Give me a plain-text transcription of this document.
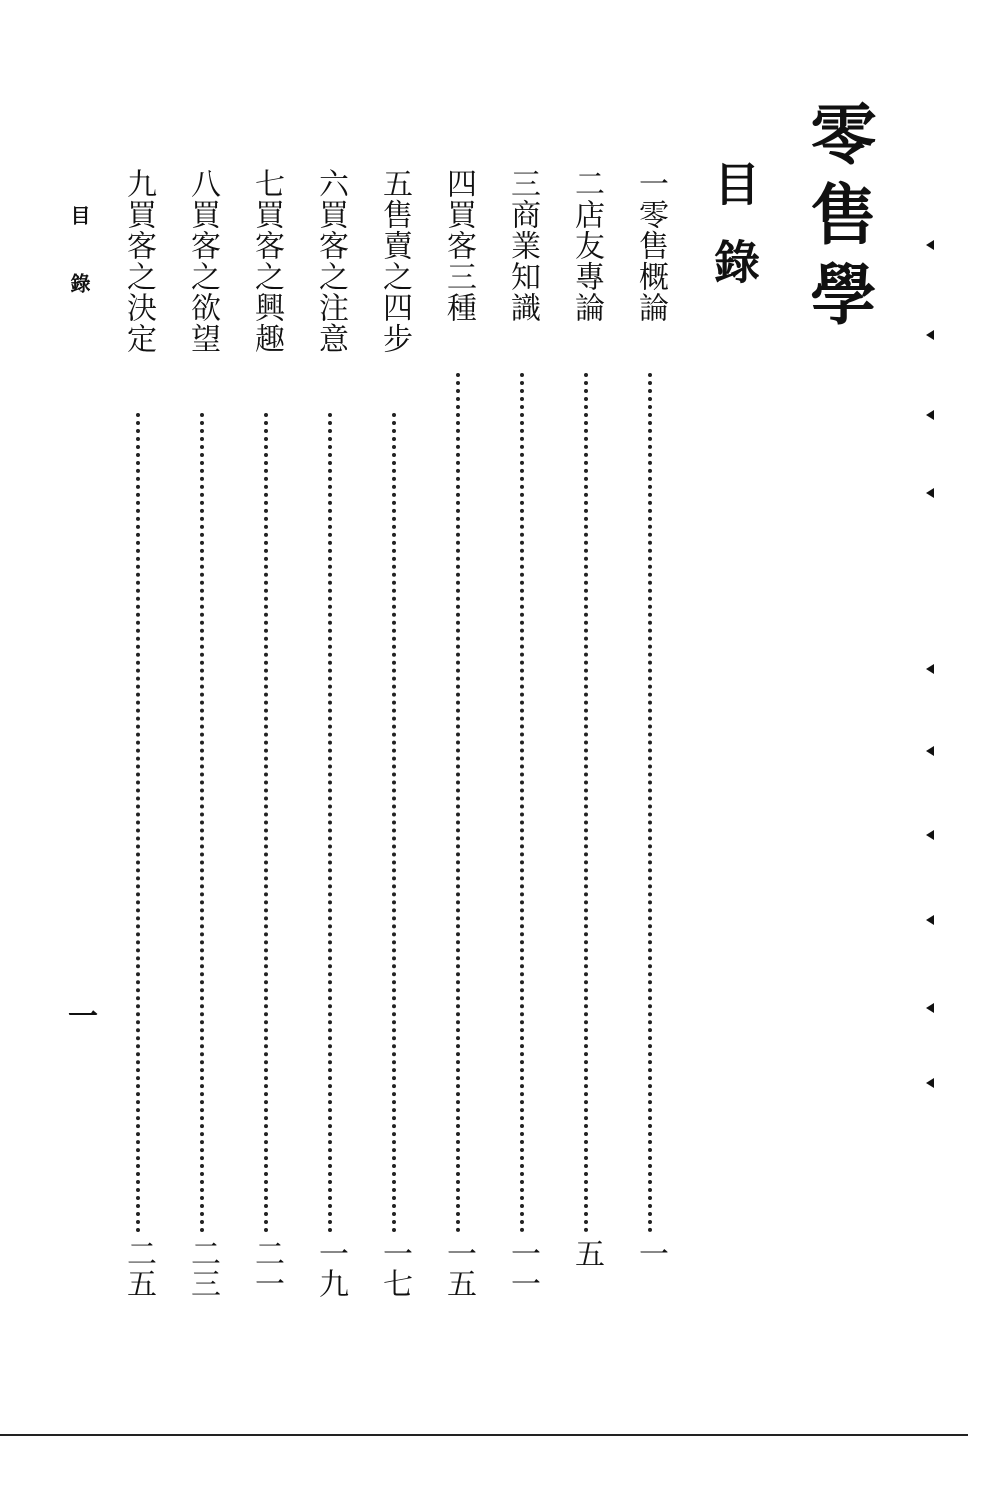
零售學
目錄
一零售概論
一
二店友專論
五
三商業知識
一一
四買客三種
一五
五售賣之四步
一七
六買客之注意
一九
七買客之興趣
二一
八買客之欲望
二三
九買客之決定
二五
目錄
一
